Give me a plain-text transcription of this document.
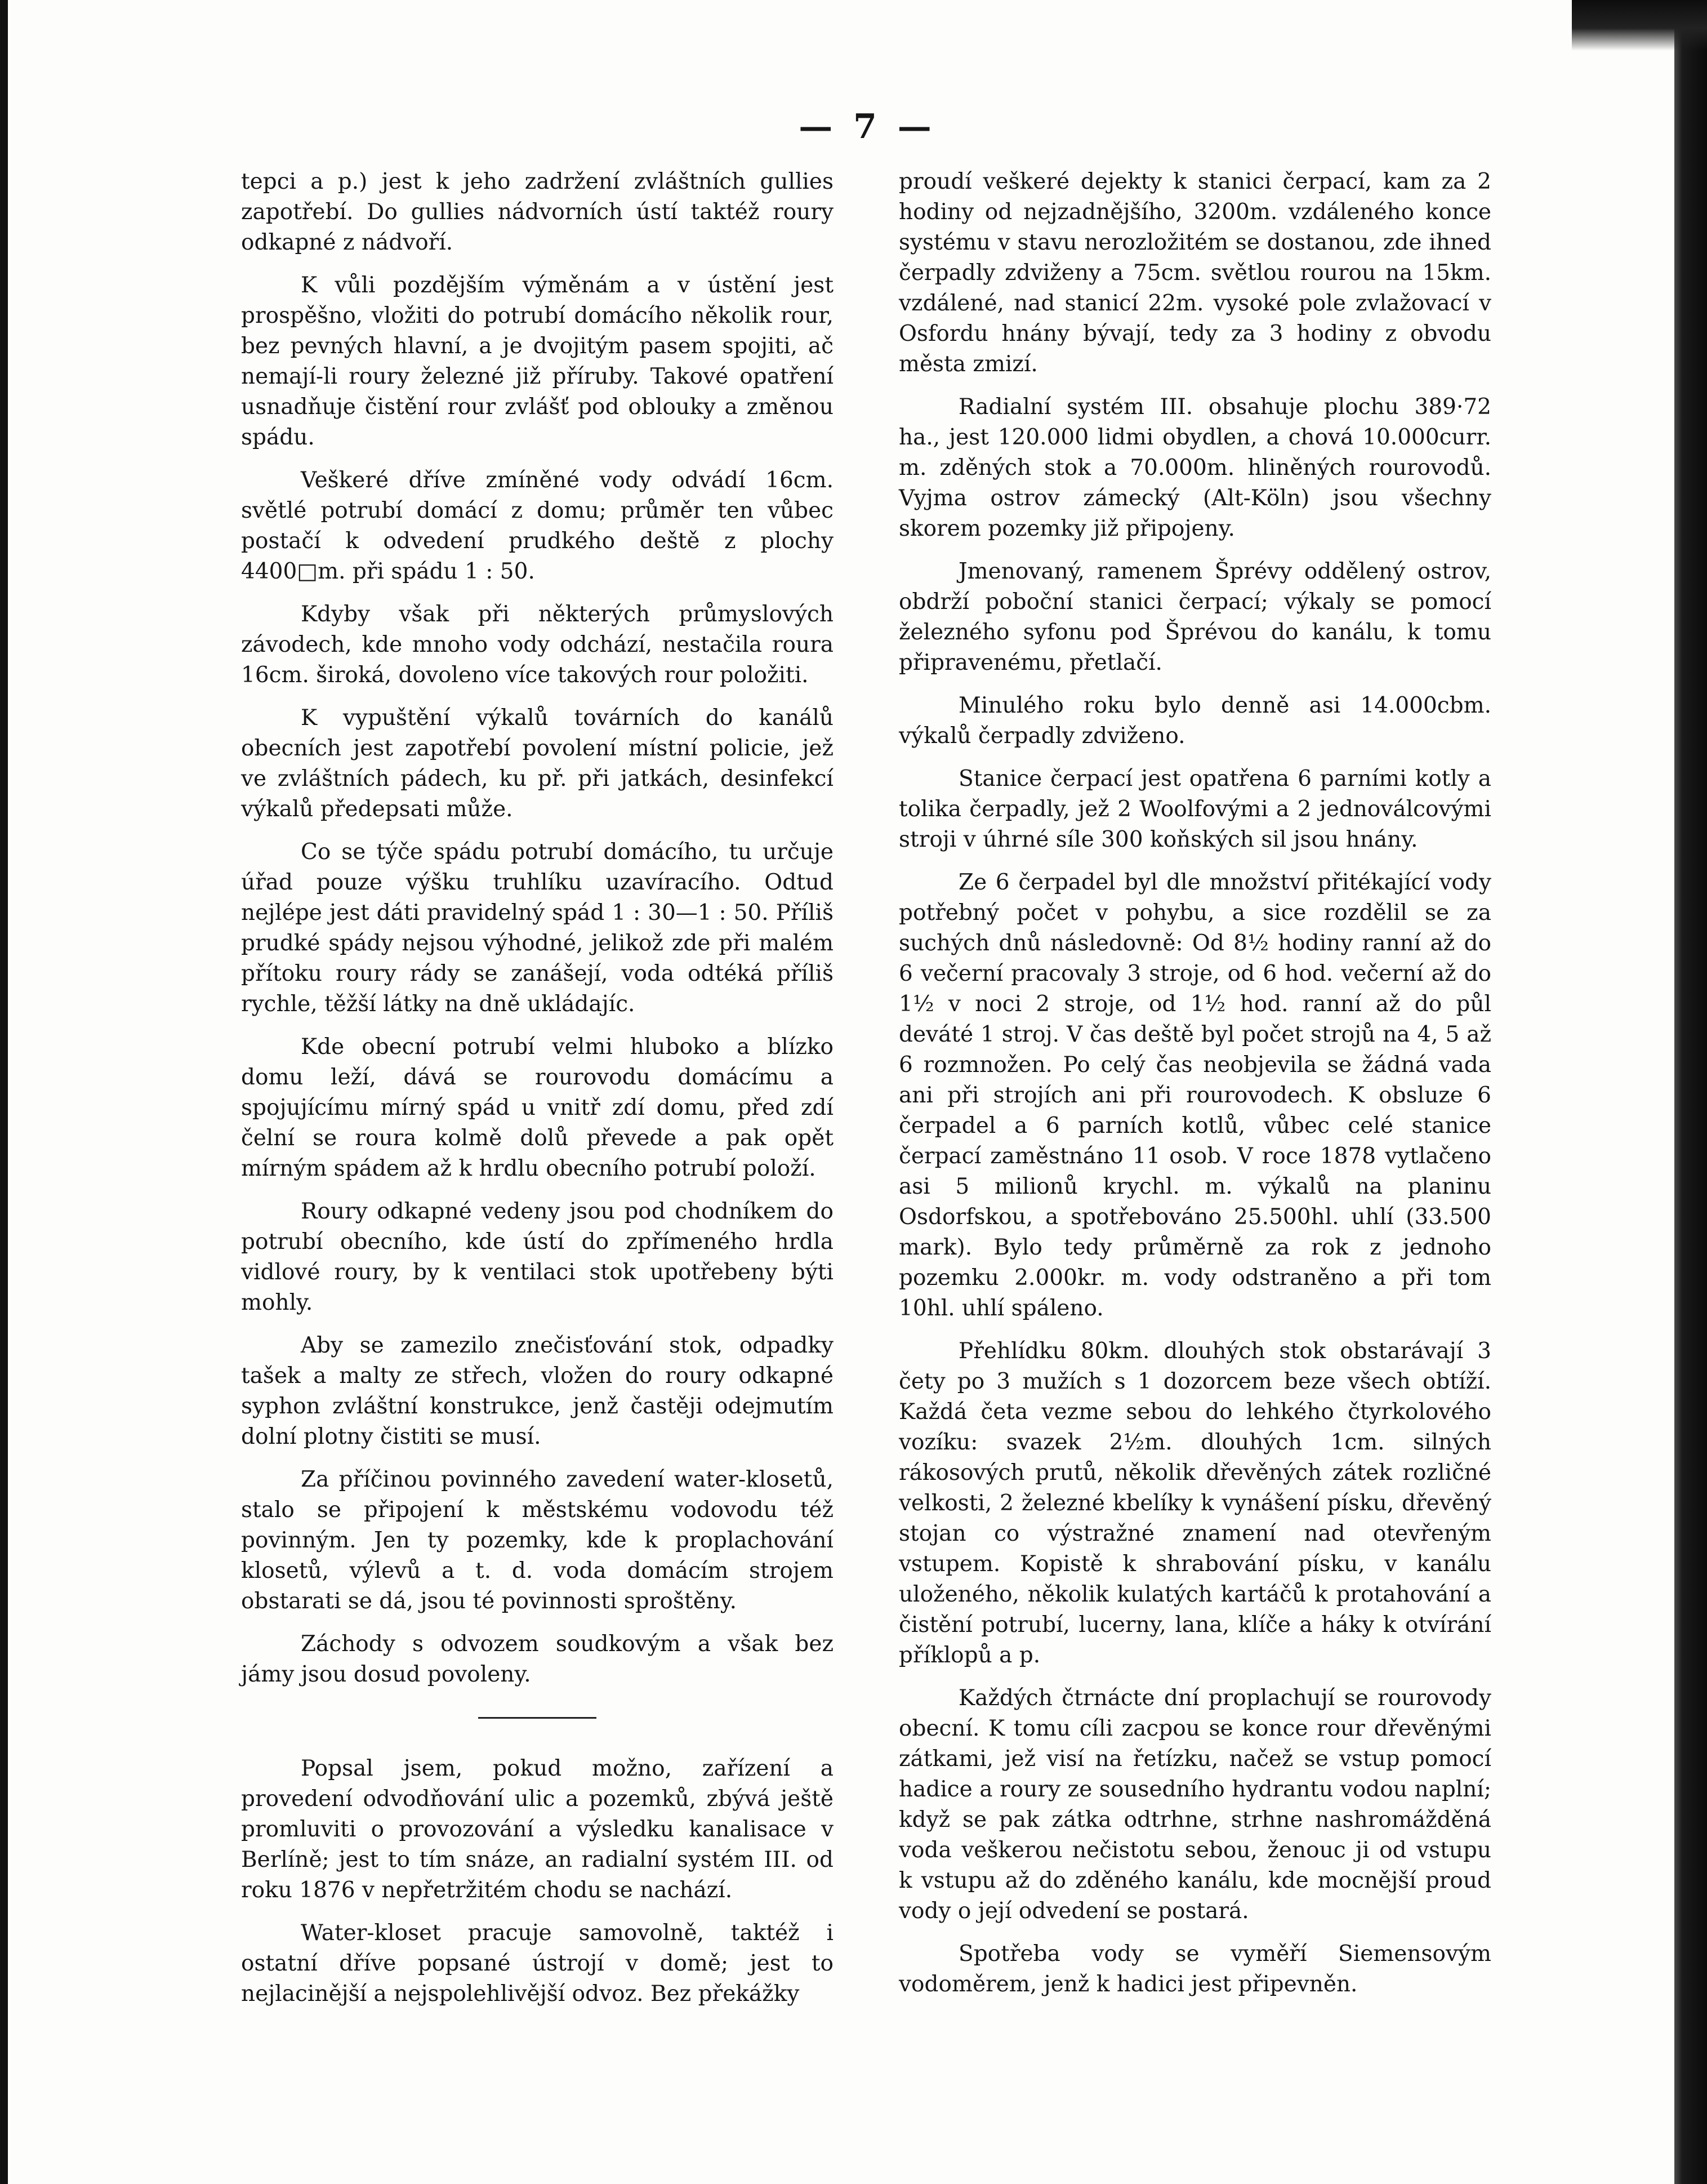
— 7 —

tepci a p.) jest k jeho zadržení zvláštních gullies zapotřebí. Do gullies nádvorních ústí taktéž roury odkapné z nádvoří.

K vůli pozdějším výměnám a v ústění jest prospěšno, vložiti do potrubí domácího několik rour, bez pevných hlavní, a je dvojitým pasem spojiti, ač nemají-li roury železné již příruby. Takové opatření usnadňuje čistění rour zvlášť pod oblouky a změnou spádu.

Veškeré dříve zmíněné vody odvádí 16cm. světlé potrubí domácí z domu; průměr ten vůbec postačí k odvedení prudkého deště z plochy 4400□m. při spádu 1 : 50.

Kdyby však při některých průmyslových závodech, kde mnoho vody odchází, nestačila roura 16cm. široká, dovoleno více takových rour položiti.

K vypuštění výkalů továrních do kanálů obecních jest zapotřebí povolení místní policie, jež ve zvláštních pádech, ku př. při jatkách, desinfekcí výkalů předepsati může.

Co se týče spádu potrubí domácího, tu určuje úřad pouze výšku truhlíku uzavíracího. Odtud nejlépe jest dáti pravidelný spád 1 : 30—1 : 50. Příliš prudké spády nejsou výhodné, jelikož zde při malém přítoku roury rády se zanášejí, voda odtéká příliš rychle, těžší látky na dně ukládajíc.

Kde obecní potrubí velmi hluboko a blízko domu leží, dává se rourovodu domácímu a spojujícímu mírný spád u vnitř zdí domu, před zdí čelní se roura kolmě dolů převede a pak opět mírným spádem až k hrdlu obecního potrubí položí.

Roury odkapné vedeny jsou pod chodníkem do potrubí obecního, kde ústí do zpřímeného hrdla vidlové roury, by k ventilaci stok upotřebeny býti mohly.

Aby se zamezilo znečisťování stok, odpadky tašek a malty ze střech, vložen do roury odkapné syphon zvláštní konstrukce, jenž častěji odejmutím dolní plotny čistiti se musí.

Za příčinou povinného zavedení water-klosetů, stalo se připojení k městskému vodovodu též povinným. Jen ty pozemky, kde k proplachování klosetů, výlevů a t. d. voda domácím strojem obstarati se dá, jsou té povinnosti sproštěny.

Záchody s odvozem soudkovým a však bez jámy jsou dosud povoleny.

Popsal jsem, pokud možno, zařízení a provedení odvodňování ulic a pozemků, zbývá ještě promluviti o provozování a výsledku kanalisace v Berlíně; jest to tím snáze, an radialní systém III. od roku 1876 v nepřetržitém chodu se nachází.

Water-kloset pracuje samovolně, taktéž i ostatní dříve popsané ústrojí v domě; jest to nejlacinější a nejspolehlivější odvoz. Bez překážky

proudí veškeré dejekty k stanici čerpací, kam za 2 hodiny od nejzadnějšího, 3200m. vzdáleného konce systému v stavu nerozložitém se dostanou, zde ihned čerpadly zdviženy a 75cm. světlou rourou na 15km. vzdálené, nad stanicí 22m. vysoké pole zvlažovací v Osfordu hnány bývají, tedy za 3 hodiny z obvodu města zmizí.

Radialní systém III. obsahuje plochu 389·72 ha., jest 120.000 lidmi obydlen, a chová 10.000curr. m. zděných stok a 70.000m. hliněných rourovodů. Vyjma ostrov zámecký (Alt-Köln) jsou všechny skorem pozemky již připojeny.

Jmenovaný, ramenem Šprévy oddělený ostrov, obdrží poboční stanici čerpací; výkaly se pomocí železného syfonu pod Šprévou do kanálu, k tomu připravenému, přetlačí.

Minulého roku bylo denně asi 14.000cbm. výkalů čerpadly zdviženo.

Stanice čerpací jest opatřena 6 parními kotly a tolika čerpadly, jež 2 Woolfovými a 2 jednoválcovými stroji v úhrné síle 300 koňských sil jsou hnány.

Ze 6 čerpadel byl dle množství přitékající vody potřebný počet v pohybu, a sice rozdělil se za suchých dnů následovně: Od 8½ hodiny ranní až do 6 večerní pracovaly 3 stroje, od 6 hod. večerní až do 1½ v noci 2 stroje, od 1½ hod. ranní až do půl deváté 1 stroj. V čas deště byl počet strojů na 4, 5 až 6 rozmnožen. Po celý čas neobjevila se žádná vada ani při strojích ani při rourovodech. K obsluze 6 čerpadel a 6 parních kotlů, vůbec celé stanice čerpací zaměstnáno 11 osob. V roce 1878 vytlačeno asi 5 milionů krychl. m. výkalů na planinu Osdorfskou, a spotřebováno 25.500hl. uhlí (33.500 mark). Bylo tedy průměrně za rok z jednoho pozemku 2.000kr. m. vody odstraněno a při tom 10hl. uhlí spáleno.

Přehlídku 80km. dlouhých stok obstarávají 3 čety po 3 mužích s 1 dozorcem beze všech obtíží. Každá četa vezme sebou do lehkého čtyrkolového vozíku: svazek 2½m. dlouhých 1cm. silných rákosových prutů, několik dřevěných zátek rozličné velkosti, 2 železné kbelíky k vynášení písku, dřevěný stojan co výstražné znamení nad otevřeným vstupem. Kopistě k shrabování písku, v kanálu uloženého, několik kulatých kartáčů k protahování a čistění potrubí, lucerny, lana, klíče a háky k otvírání příklopů a p.

Každých čtrnácte dní proplachují se rourovody obecní. K tomu cíli zacpou se konce rour dřevěnými zátkami, jež visí na řetízku, načež se vstup pomocí hadice a roury ze sousedního hydrantu vodou naplní; když se pak zátka odtrhne, strhne nashromážděná voda veškerou nečistotu sebou, ženouc ji od vstupu k vstupu až do zděného kanálu, kde mocnější proud vody o její odvedení se postará.

Spotřeba vody se vyměří Siemensovým vodoměrem, jenž k hadici jest připevněn.
